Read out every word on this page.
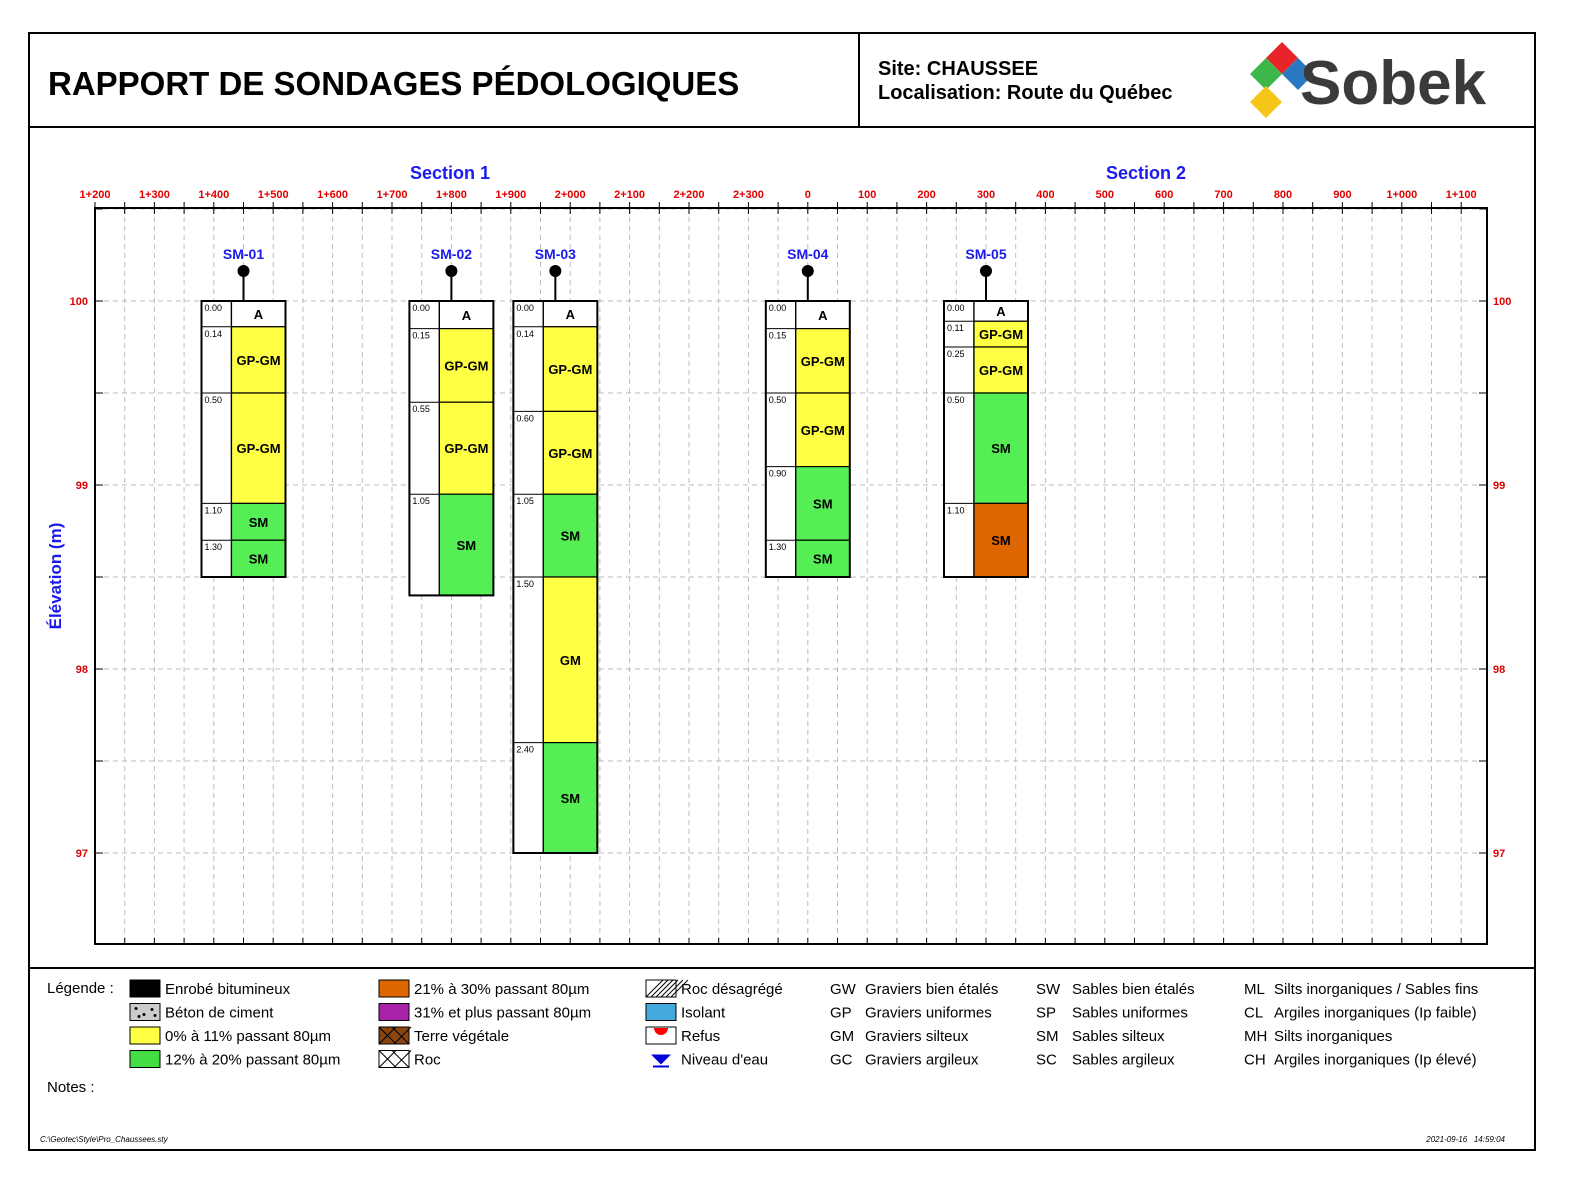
RAPPORT DE SONDAGES PÉDOLOGIQUES	Site: CHAUSSEE
Localisation: Route du Québec Sobek
1+200	1+300	1+400	1+500	1+600	1+700	1+800	1+900	2+000	2+100	2+200	2+300	0	100	200	300	400	500	600	700	800	900	1+000	1+100
100	100
99	99
98	98
97	97
Élévation (m)
Section 1	Section 2
SM-01
0.00 A
0.14
GP-GM
0.50
GP-GM
1.10
SM
1.30
SM
SM-02
0.00 A
0.15
GP-GM
0.55
GP-GM
1.05
SM
SM-03
0.00 A
0.14
GP-GM
0.60
GP-GM
1.05
SM
1.50
GM
2.40
SM
SM-04
0.00 A
0.15
GP-GM
0.50
GP-GM
0.90
SM
1.30
SM
SM-05
0.00 A
0.11 GP-GM
0.25
GP-GM
0.50
SM
1.10
SM
Légende :
Notes :
Enrobé bitumineux
Béton de ciment
0% à 11% passant 80µm
12% à 20% passant 80µm
21% à 30% passant 80µm
31% et plus passant 80µm
Terre végétale
Roc
Roc désagrégé
Isolant
Refus
Niveau d'eau
GW Graviers bien étalés
GP Graviers uniformes
GM Graviers silteux
GC Graviers argileux
SW Sables bien étalés
SP Sables uniformes
SM Sables silteux
SC Sables argileux
ML Silts inorganiques / Sables fins
CL Argiles inorganiques (Ip faible)
MH Silts inorganiques
CH Argiles inorganiques (Ip élevé)
C:\Geotec\Style\Pro_Chaussees.sty	2021-09-16   14:59:04
